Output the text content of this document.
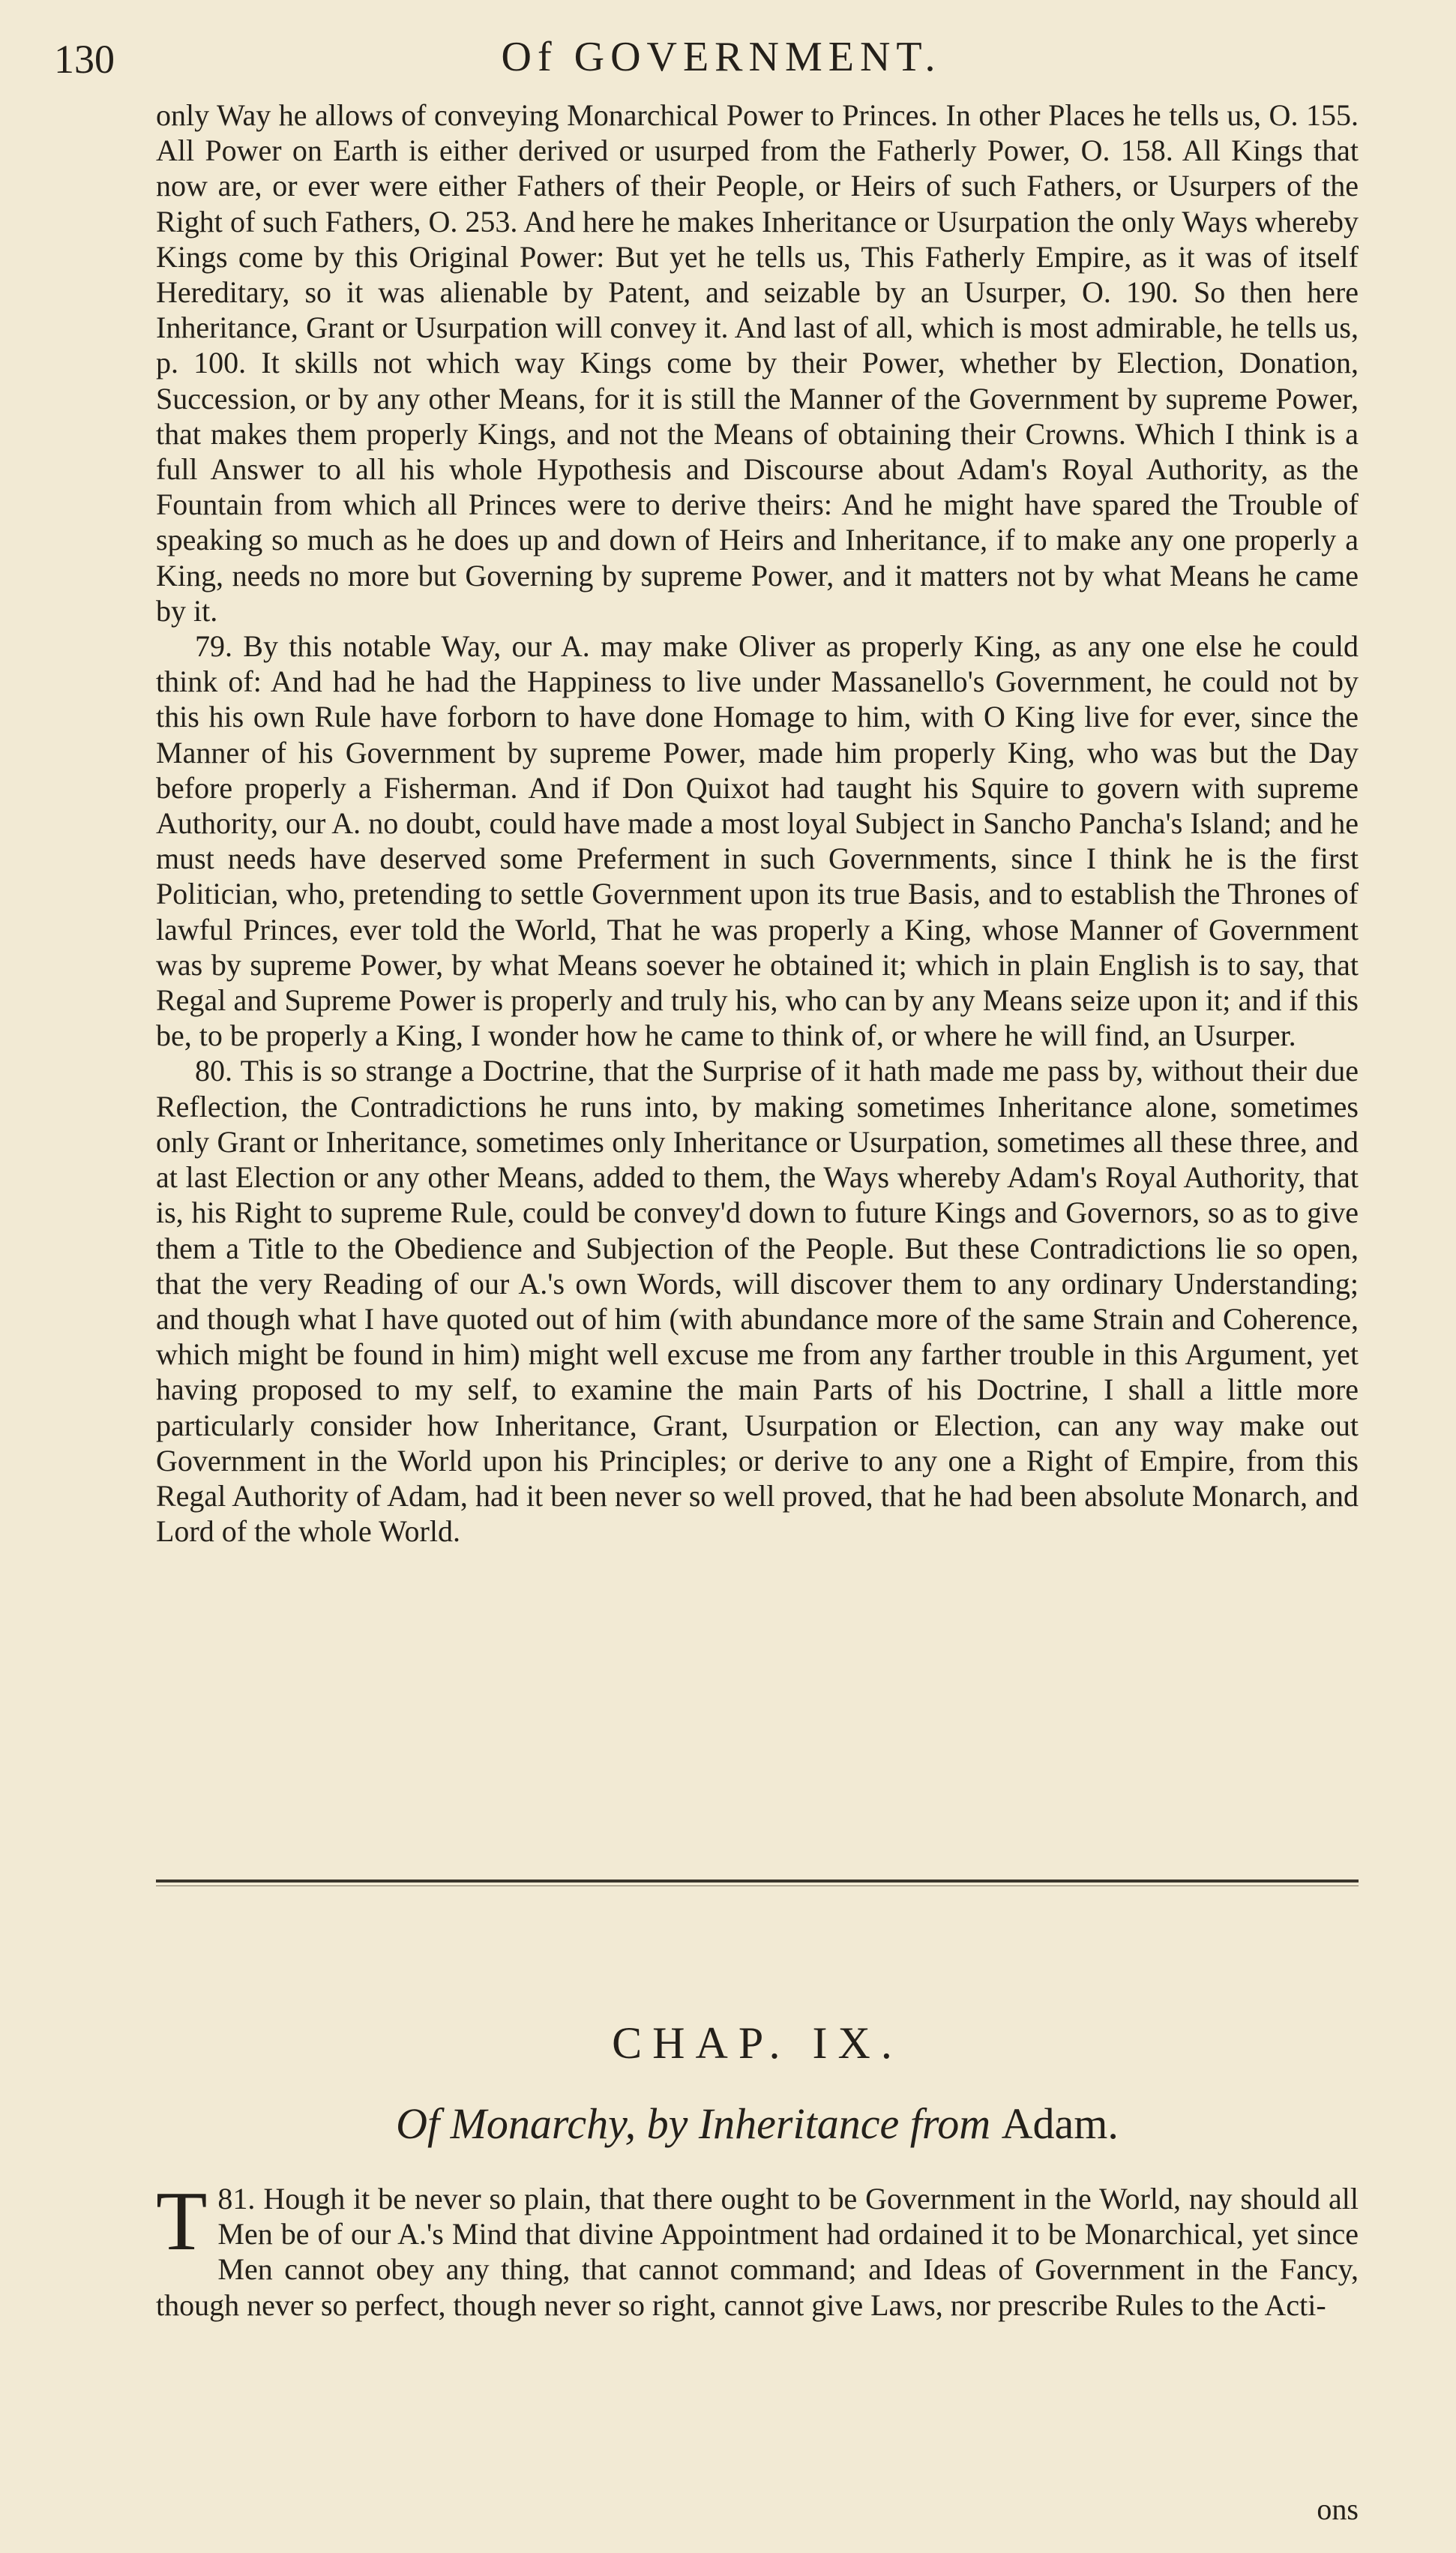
130	Of GOVERNMENT.

only Way he allows of conveying Monarchical Power to Princes. In other Places he tells us, O. 155. All Power on Earth is either derived or usurped from the Fatherly Power, O. 158. All Kings that now are, or ever were either Fathers of their People, or Heirs of such Fathers, or Usurpers of the Right of such Fathers, O. 253. And here he makes Inheritance or Usurpation the only Ways whereby Kings come by this Original Power: But yet he tells us, This Fatherly Empire, as it was of itself Hereditary, so it was alienable by Patent, and seizable by an Usurper, O. 190. So then here Inheritance, Grant or Usurpation will convey it. And last of all, which is most admirable, he tells us, p. 100. It skills not which way Kings come by their Power, whether by Election, Donation, Succession, or by any other Means, for it is still the Manner of the Government by supreme Power, that makes them properly Kings, and not the Means of obtaining their Crowns. Which I think is a full Answer to all his whole Hypothesis and Discourse about Adam's Royal Authority, as the Fountain from which all Princes were to derive theirs: And he might have spared the Trouble of speaking so much as he does up and down of Heirs and Inheritance, if to make any one properly a King, needs no more but Governing by supreme Power, and it matters not by what Means he came by it.

79. By this notable Way, our A. may make Oliver as properly King, as any one else he could think of: And had he had the Happiness to live under Massanello's Government, he could not by this his own Rule have forborn to have done Homage to him, with O King live for ever, since the Manner of his Government by supreme Power, made him properly King, who was but the Day before properly a Fisherman. And if Don Quixot had taught his Squire to govern with supreme Authority, our A. no doubt, could have made a most loyal Subject in Sancho Pancha's Island; and he must needs have deserved some Preferment in such Governments, since I think he is the first Politician, who, pretending to settle Government upon its true Basis, and to establish the Thrones of lawful Princes, ever told the World, That he was properly a King, whose Manner of Government was by supreme Power, by what Means soever he obtained it; which in plain English is to say, that Regal and Supreme Power is properly and truly his, who can by any Means seize upon it; and if this be, to be properly a King, I wonder how he came to think of, or where he will find, an Usurper.

80. This is so strange a Doctrine, that the Surprise of it hath made me pass by, without their due Reflection, the Contradictions he runs into, by making sometimes Inheritance alone, sometimes only Grant or Inheritance, sometimes only Inheritance or Usurpation, sometimes all these three, and at last Election or any other Means, added to them, the Ways whereby Adam's Royal Authority, that is, his Right to supreme Rule, could be convey'd down to future Kings and Governors, so as to give them a Title to the Obedience and Subjection of the People. But these Contradictions lie so open, that the very Reading of our A.'s own Words, will discover them to any ordinary Understanding; and though what I have quoted out of him (with abundance more of the same Strain and Coherence, which might be found in him) might well excuse me from any farther trouble in this Argument, yet having proposed to my self, to examine the main Parts of his Doctrine, I shall a little more particularly consider how Inheritance, Grant, Usurpation or Election, can any way make out Government in the World upon his Principles; or derive to any one a Right of Empire, from this Regal Authority of Adam, had it been never so well proved, that he had been absolute Monarch, and Lord of the whole World.

CHAP. IX.
Of Monarchy, by Inheritance from Adam.

81.
T Hough it be never so plain, that there ought to be Government in the World, nay should all Men be of our A.'s Mind that divine Appointment had ordained it to be Monarchical, yet since Men cannot obey any thing, that cannot command; and Ideas of Government in the Fancy, though never so perfect, though never so right, cannot give Laws, nor prescribe Rules to the Acti-

ons
